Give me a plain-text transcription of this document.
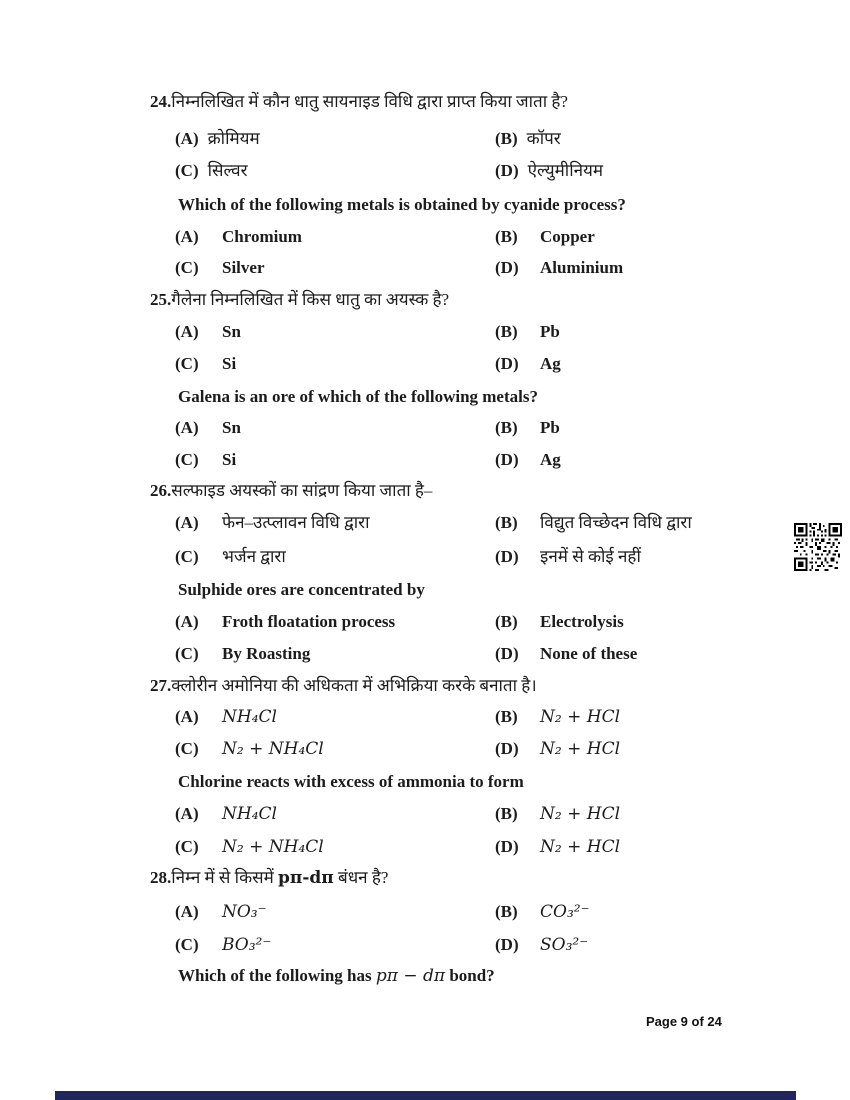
24.निम्नलिखित में कौन धातु सायनाइड विधि द्वारा प्राप्त किया जाता है?
(A) क्रोमियम	(B) कॉपर
(C) सिल्वर	(D) ऐल्युमीनियम
Which of the following metals is obtained by cyanide process?
(A)	Chromium	(B)	Copper
(C)	Silver	(D)	Aluminium
25.गैलेना निम्नलिखित में किस धातु का अयस्क है?
(A)	Sn	(B)	Pb
(C)	Si	(D)	Ag
Galena is an ore of which of the following metals?
(A)	Sn	(B)	Pb
(C)	Si	(D)	Ag
26.सल्फाइड अयस्कों का सांद्रण किया जाता है–
(A)	फेन–उत्प्लावन विधि द्वारा	(B)	विद्युत विच्छेदन विधि द्वारा
(C)	भर्जन द्वारा	(D)	इनमें से कोई नहीं
Sulphide ores are concentrated by
(A)	Froth floatation process	(B)	Electrolysis
(C)	By Roasting	(D)	None of these
27.क्लोरीन अमोनिया की अधिकता में अभिक्रिया करके बनाता है।
(A)	NH₄Cl	(B)	N₂ + HCl
(C)	N₂ + NH₄Cl	(D)	N₂ + HCl
Chlorine reacts with excess of ammonia to form
(A)	NH₄Cl	(B)	N₂ + HCl
(C)	N₂ + NH₄Cl	(D)	N₂ + HCl
28.निम्न में से किसमें pπ-dπ बंधन है?
(A)	NO₃⁻	(B)	CO₃²⁻
(C)	BO₃²⁻	(D)	SO₃²⁻
Which of the following has pπ − dπ bond?
Page 9 of 24
